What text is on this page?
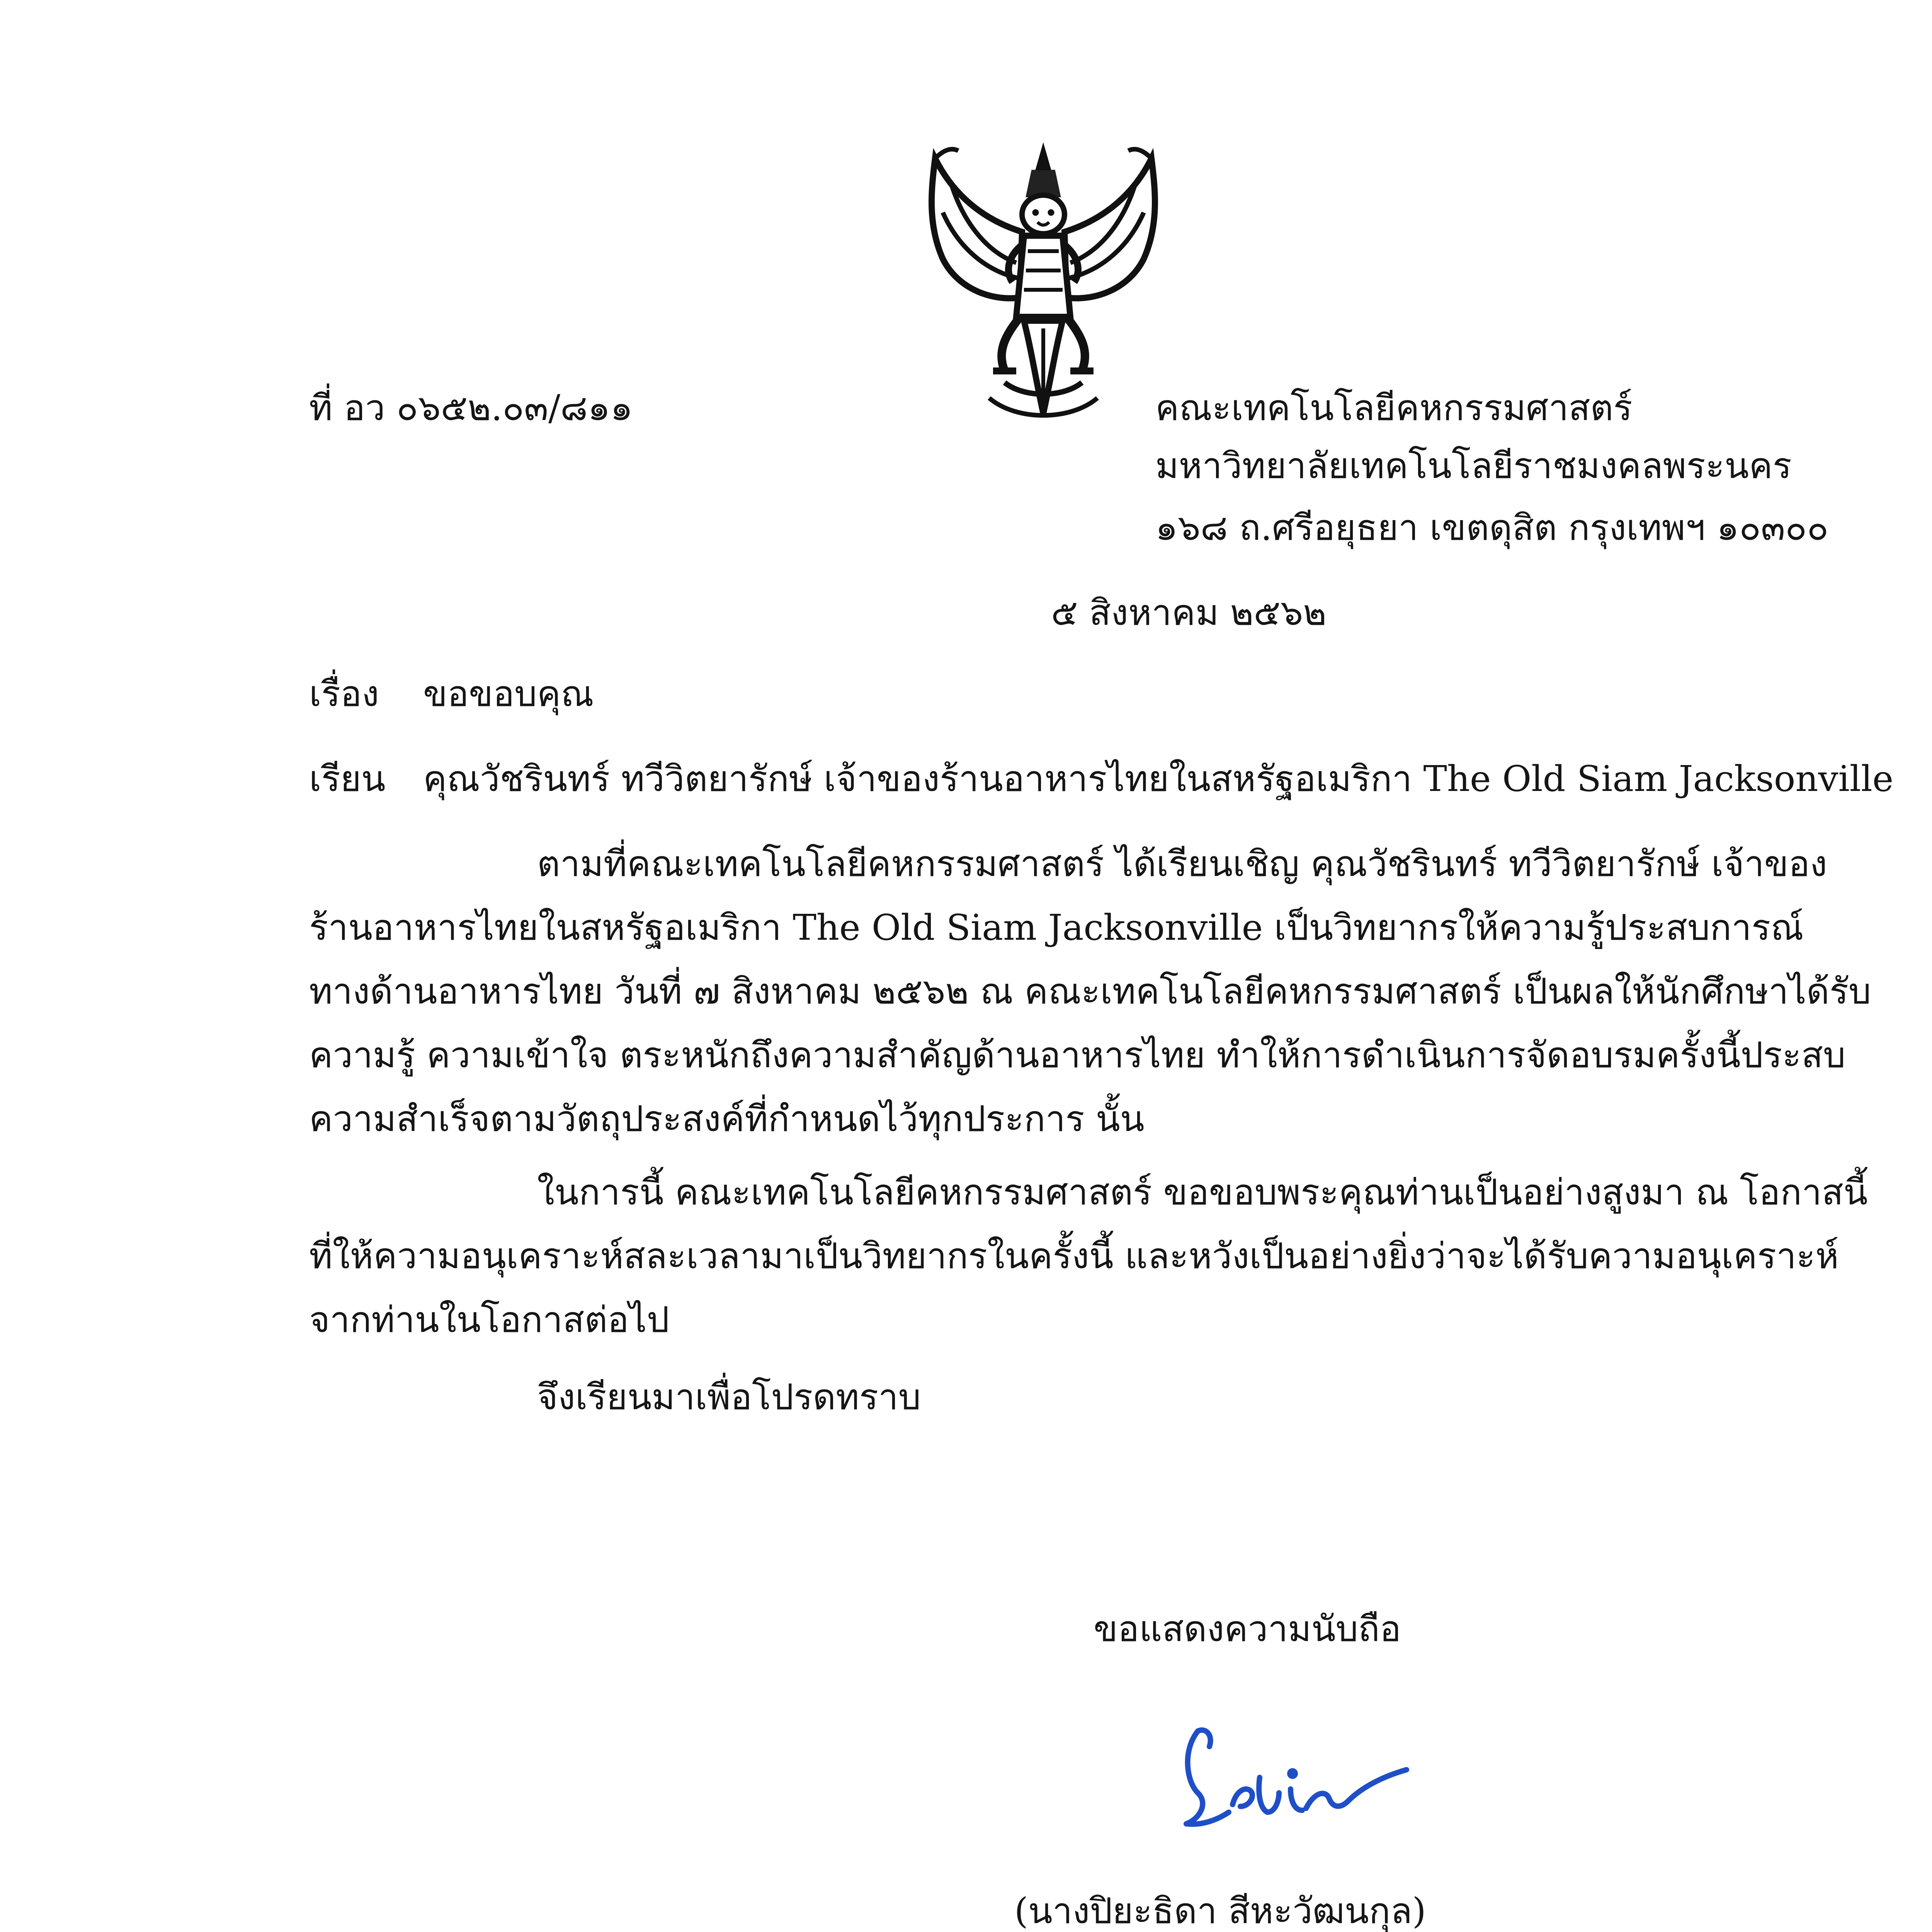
ที่ อว ๐๖๕๒.๐๓/๘๑๑	คณะเทคโนโลยีคหกรรมศาสตร์
มหาวิทยาลัยเทคโนโลยีราชมงคลพระนคร
๑๖๘ ถ.ศรีอยุธยา เขตดุสิต กรุงเทพฯ ๑๐๓๐๐
๕ สิงหาคม ๒๕๖๒
เรื่อง ขอขอบคุณ
เรียน คุณวัชรินทร์ ทวีวิตยารักษ์ เจ้าของร้านอาหารไทยในสหรัฐอเมริกา The Old Siam Jacksonville
ตามที่คณะเทคโนโลยีคหกรรมศาสตร์ ได้เรียนเชิญ คุณวัชรินทร์ ทวีวิตยารักษ์ เจ้าของ
ร้านอาหารไทยในสหรัฐอเมริกา The Old Siam Jacksonville เป็นวิทยากรให้ความรู้ประสบการณ์
ทางด้านอาหารไทย วันที่ ๗ สิงหาคม ๒๕๖๒ ณ คณะเทคโนโลยีคหกรรมศาสตร์ เป็นผลให้นักศึกษาได้รับ
ความรู้ ความเข้าใจ ตระหนักถึงความสำคัญด้านอาหารไทย ทำให้การดำเนินการจัดอบรมครั้งนี้ประสบ
ความสำเร็จตามวัตถุประสงค์ที่กำหนดไว้ทุกประการ นั้น
ในการนี้ คณะเทคโนโลยีคหกรรมศาสตร์ ขอขอบพระคุณท่านเป็นอย่างสูงมา ณ โอกาสนี้
ที่ให้ความอนุเคราะห์สละเวลามาเป็นวิทยากรในครั้งนี้ และหวังเป็นอย่างยิ่งว่าจะได้รับความอนุเคราะห์
จากท่านในโอกาสต่อไป
จึงเรียนมาเพื่อโปรดทราบ
ขอแสดงความนับถือ
(นางปิยะธิดา สีหะวัฒนกุล)
